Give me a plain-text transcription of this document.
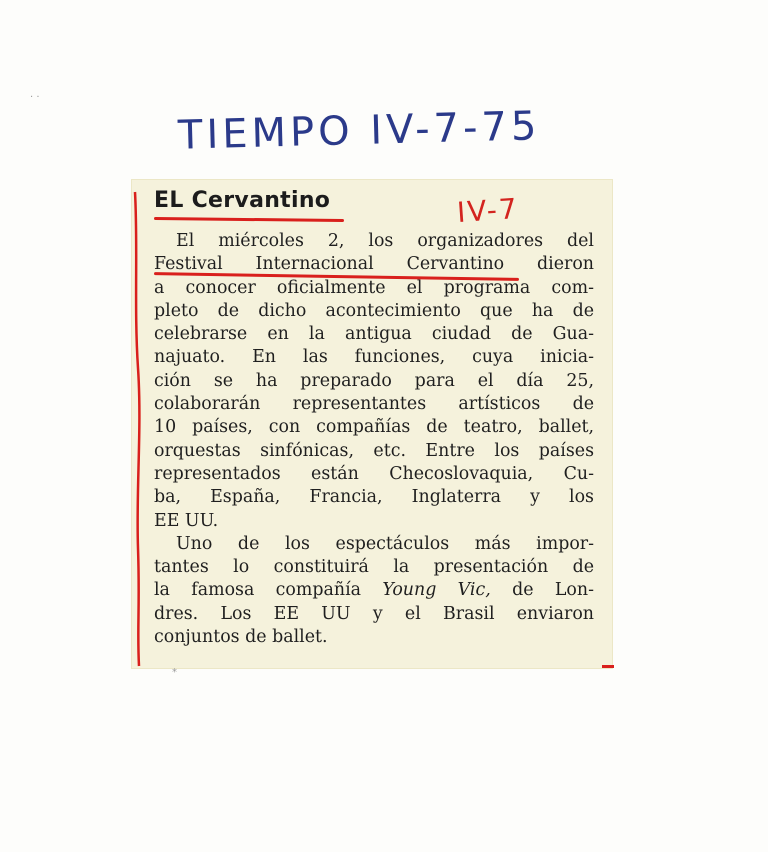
TIEMPO IV-7-75
EL Cervantino	IV-7

El miércoles 2, los organizadores del
Festival Internacional Cervantino dieron
a conocer oficialmente el programa com-
pleto de dicho acontecimiento que ha de
celebrarse en la antigua ciudad de Gua-
najuato. En las funciones, cuya inicia-
ción se ha preparado para el día 25,
colaborarán representantes artísticos de
10 países, con compañías de teatro, ballet,
orquestas sinfónicas, etc. Entre los países
representados están Checoslovaquia, Cu-
ba, España, Francia, Inglaterra y los
EE UU.

Uno de los espectáculos más impor-
tantes lo constituirá la presentación de
la famosa compañía Young Vic, de Lon-
dres. Los EE UU y el Brasil enviaron
conjuntos de ballet.

· ·
⁎
